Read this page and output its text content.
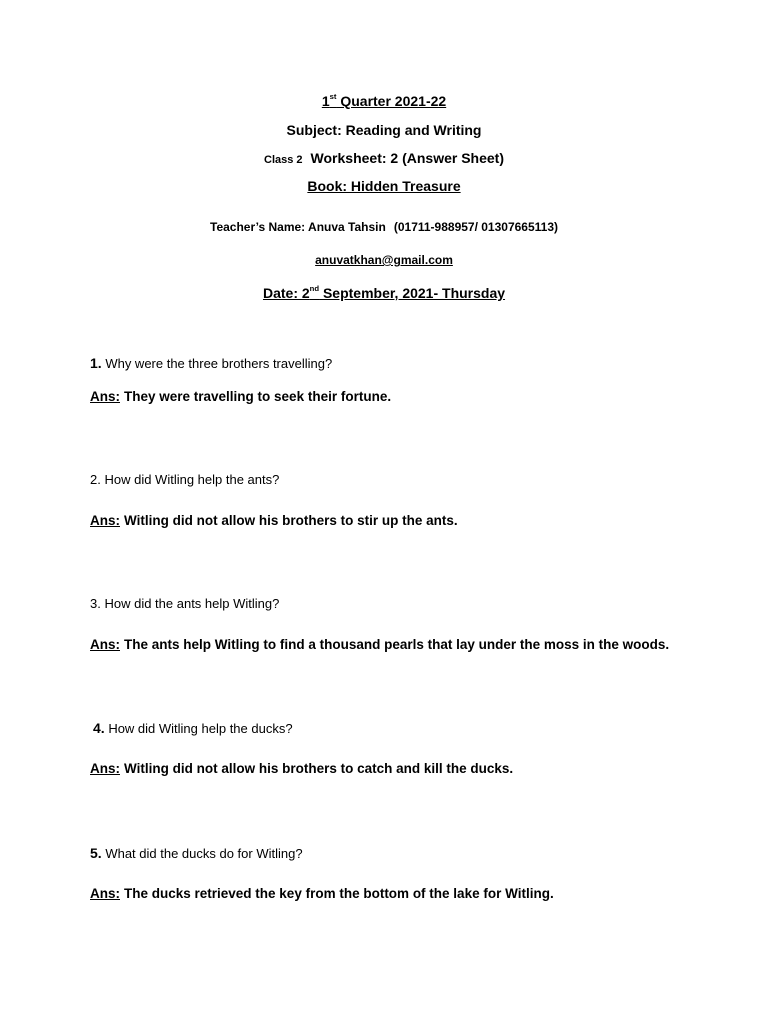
1st Quarter 2021-22
Subject: Reading and Writing
Class 2 Worksheet: 2 (Answer Sheet)
Book: Hidden Treasure
Teacher’s Name: Anuva Tahsin (01711-988957/ 01307665113)
anuvatkhan@gmail.com
Date: 2nd September, 2021- Thursday
1. Why were the three brothers travelling?
Ans: They were travelling to seek their fortune.
2. How did Witling help the ants?
Ans: Witling did not allow his brothers to stir up the ants.
3. How did the ants help Witling?
Ans: The ants help Witling to find a thousand pearls that lay under the moss in the woods.
4. How did Witling help the ducks?
Ans: Witling did not allow his brothers to catch and kill the ducks.
5. What did the ducks do for Witling?
Ans: The ducks retrieved the key from the bottom of the lake for Witling.
